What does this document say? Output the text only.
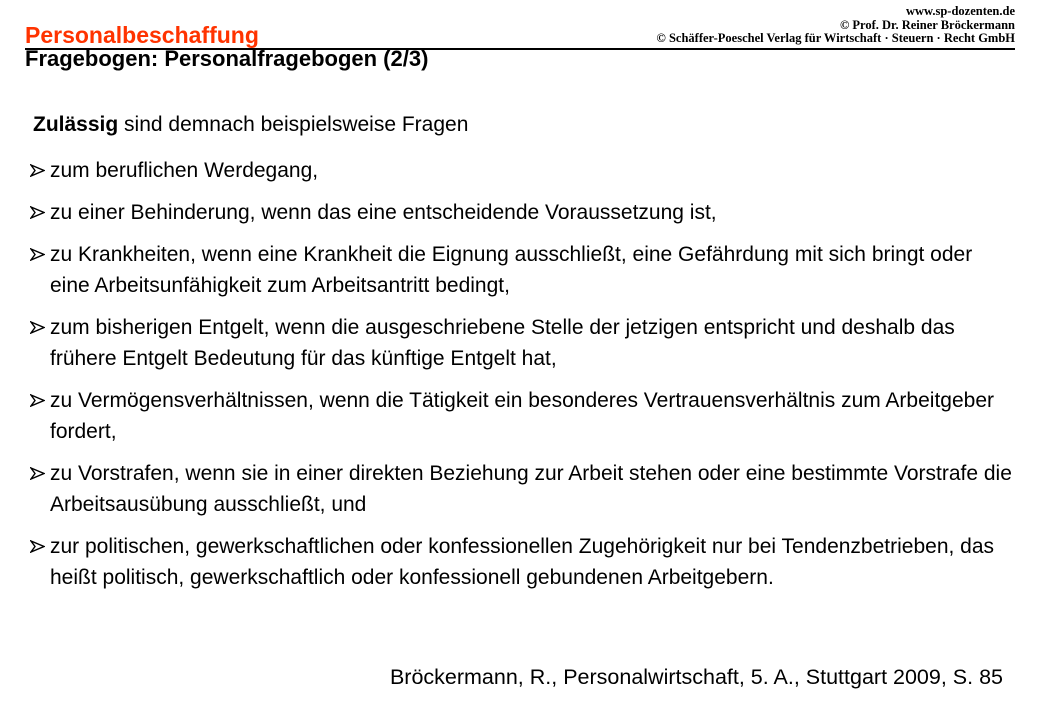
Personalbeschaffung
www.sp-dozenten.de
© Prof. Dr. Reiner Bröckermann
© Schäffer-Poeschel Verlag für Wirtschaft · Steuern · Recht GmbH
Fragebogen: Personalfragebogen (2/3)
Zulässig sind demnach beispielsweise Fragen
zum beruflichen Werdegang,
zu einer Behinderung, wenn das eine entscheidende Voraussetzung ist,
zu Krankheiten, wenn eine Krankheit die Eignung ausschließt, eine Gefährdung mit sich bringt oder eine Arbeitsunfähigkeit zum Arbeitsantritt bedingt,
zum bisherigen Entgelt, wenn die ausgeschriebene Stelle der jetzigen entspricht und deshalb das frühere Entgelt Bedeutung für das künftige Entgelt hat,
zu Vermögensverhältnissen, wenn die Tätigkeit ein besonderes Vertrauensverhältnis zum Arbeitgeber fordert,
zu Vorstrafen, wenn sie in einer direkten Beziehung zur Arbeit stehen oder eine bestimmte Vorstrafe die Arbeitsausübung ausschließt, und
zur politischen, gewerkschaftlichen oder konfessionellen Zugehörigkeit nur bei Tendenzbetrieben, das heißt politisch, gewerkschaftlich oder konfessionell gebundenen Arbeitgebern.
Bröckermann, R., Personalwirtschaft, 5. A., Stuttgart 2009, S. 85
